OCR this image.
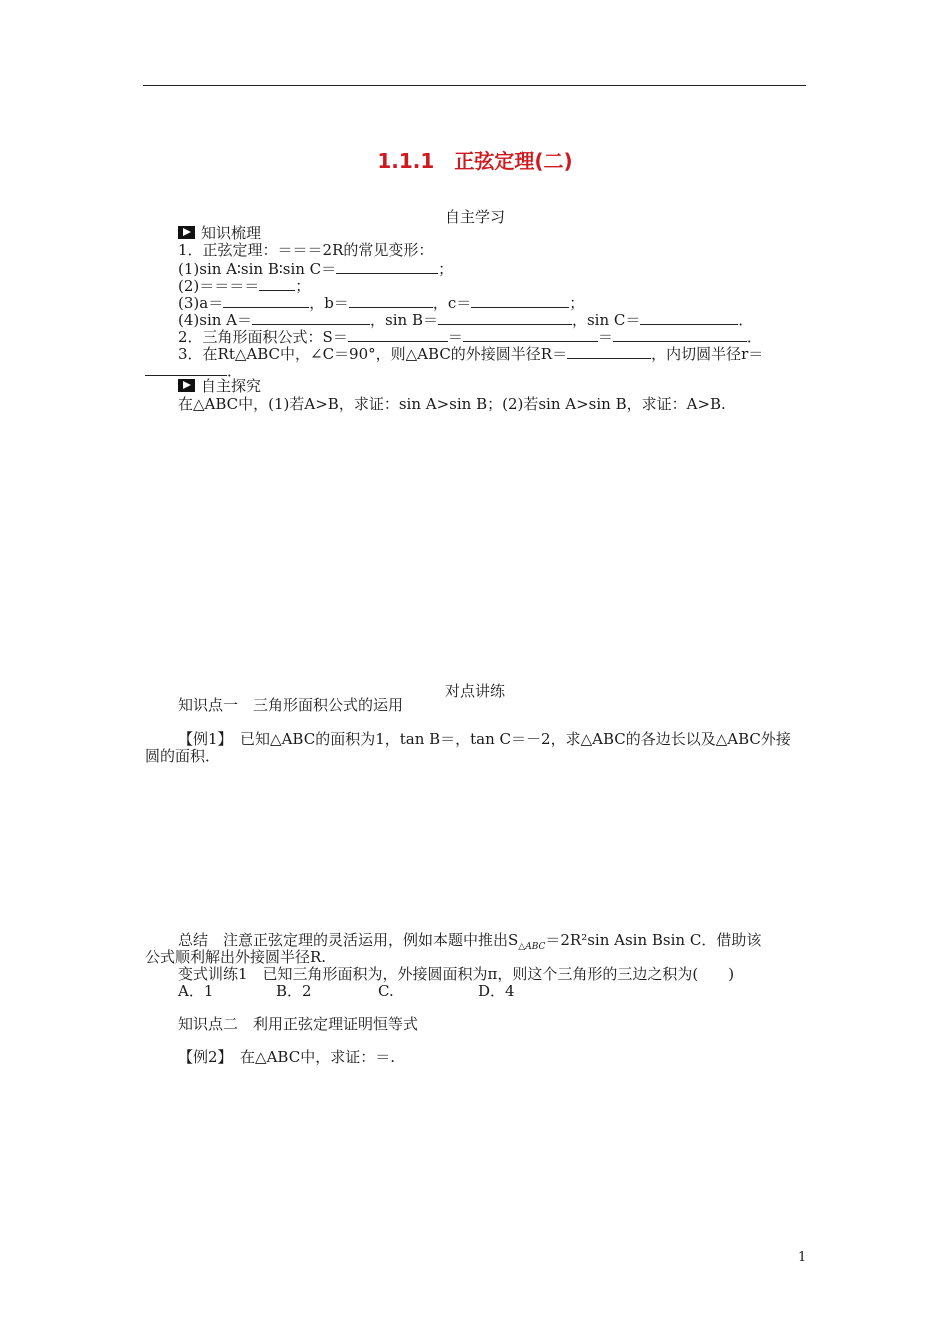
1.1.1　正弦定理(二)
自主学习
知识梳理
1．正弦定理：＝＝＝2R的常见变形：
(1)sin A∶sin B∶sin C＝	；
(2)＝＝＝＝ ；
(3)a＝	，b＝	，c＝	；
(4)sin A＝	，sin B＝	，sin C＝	．
2．三角形面积公式：S＝	＝	＝	．
3．在Rt△ABC中，∠C＝90°，则△ABC的外接圆半径R＝	，内切圆半径r＝
．
自主探究
在△ABC中，(1)若A>B，求证：sin A>sin B；(2)若sin A>sin B，求证：A>B.
对点讲练
知识点一　三角形面积公式的运用
【例1】　已知△ABC的面积为1，tan B＝，tan C＝－2，求△ABC的各边长以及△ABC外接
圆的面积．
总结　注意正弦定理的灵活运用，例如本题中推出$S_{\triangle ABC}=2R^2\sin$ Asin Bsin C．借助该
公式顺利解出外接圆半径R.
变式训练1　已知三角形面积为，外接圆面积为π，则这个三角形的三边之积为(　　)
A．1	B．2	C.	D．4
知识点二　利用正弦定理证明恒等式
【例2】　在△ABC中，求证：＝.
1
